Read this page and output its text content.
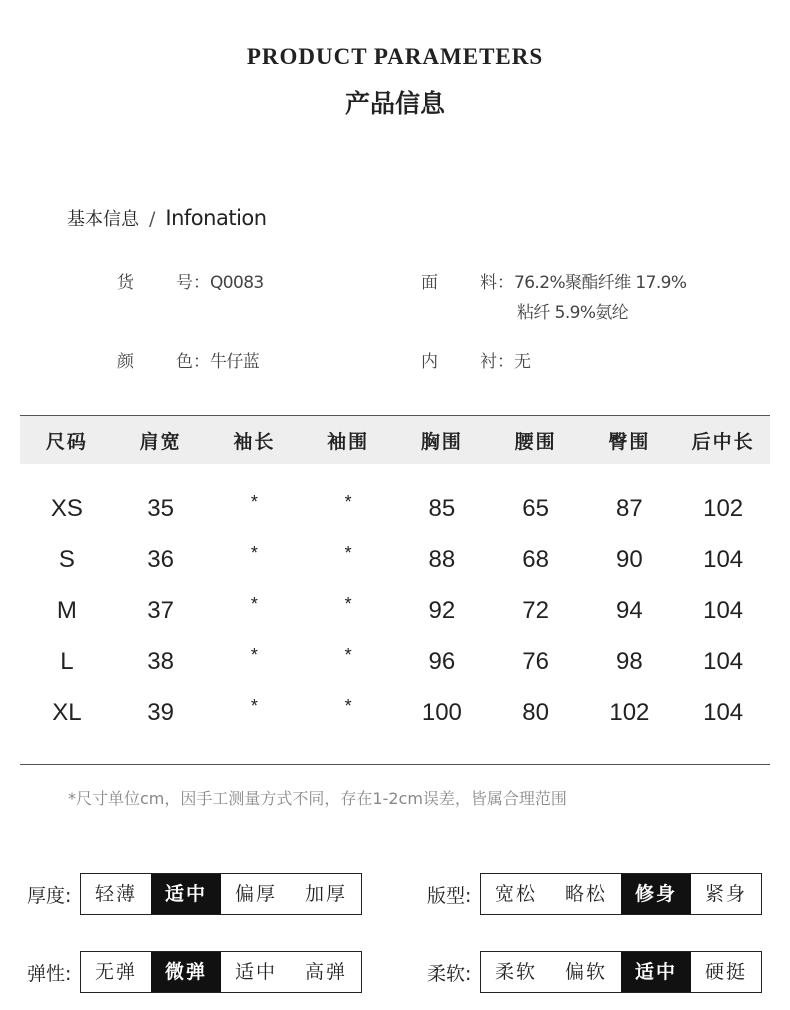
PRODUCT PARAMETERS
产品信息
基本信息 / Infonation
货 号：Q0083	面 料：76.2%聚酯纤维 17.9%
粘纤 5.9%氨纶
颜 色：牛仔蓝	内 衬：无
尺码	肩宽	袖长	袖围	胸围	腰围	臀围	后中长
XS	35	*	*	85	65	87	102
S	36	*	*	88	68	90	104
M	37	*	*	92	72	94	104
L	38	*	*	96	76	98	104
XL	39	*	*	100	80	102	104
*尺寸单位cm，因手工测量方式不同，存在1-2cm误差，皆属合理范围
厚度:	轻薄	适中	偏厚	加厚	版型:	宽松	略松	修身	紧身
弹性:	无弹	微弹	适中	高弹	柔软:	柔软	偏软	适中	硬挺
